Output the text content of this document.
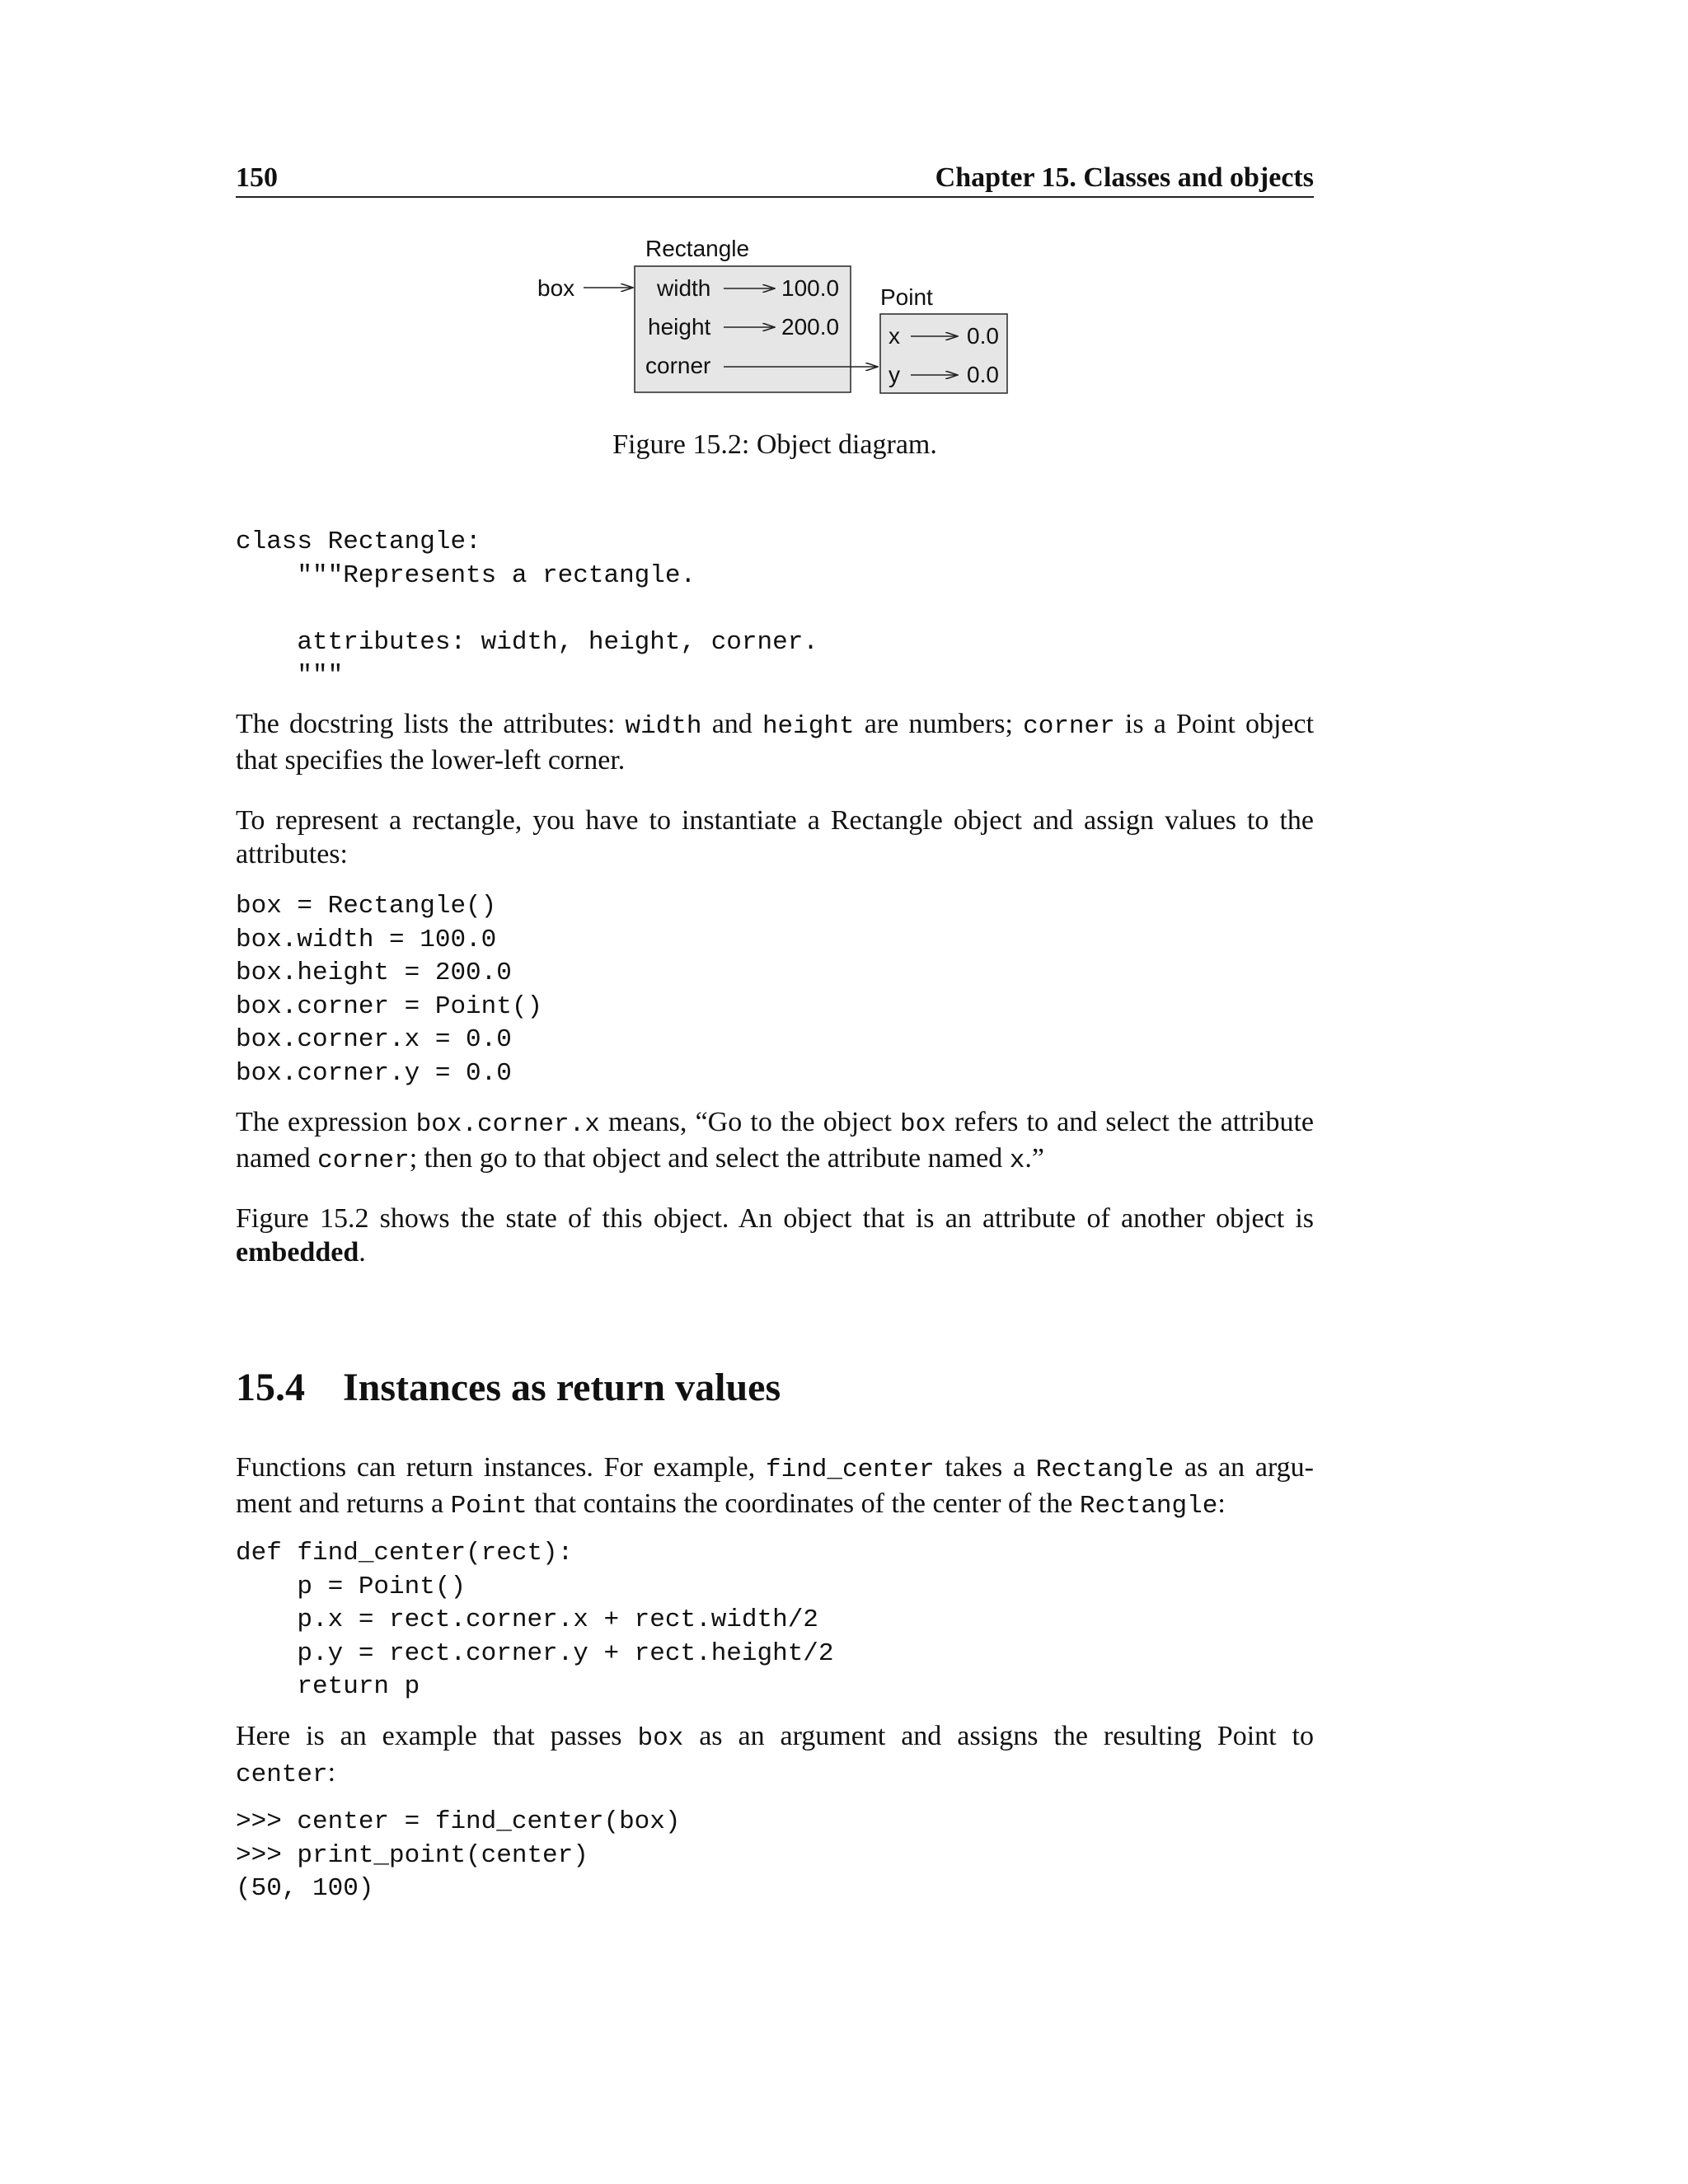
150	Chapter 15. Classes and objects
Rectangle
box	width	100.0
height	200.0
corner
Point
x	0.0
y	0.0
Figure 15.2: Object diagram.
class Rectangle:
"""Represents a rectangle.

attributes: width, height, corner.
"""
The docstring lists the attributes: width and height are numbers; corner is a Point object
that specifies the lower-left corner.
To represent a rectangle, you have to instantiate a Rectangle object and assign values to the
attributes:
box = Rectangle()
box.width = 100.0
box.height = 200.0
box.corner = Point()
box.corner.x = 0.0
box.corner.y = 0.0
The expression box.corner.x means, “Go to the object box refers to and select the attribute
named corner; then go to that object and select the attribute named x.”
Figure 15.2 shows the state of this object. An object that is an attribute of another object is
embedded.
15.4 Instances as return values
Functions can return instances. For example, find_center takes a Rectangle as an argu-
ment and returns a Point that contains the coordinates of the center of the Rectangle:
def find_center(rect):
p = Point()
p.x = rect.corner.x + rect.width/2
p.y = rect.corner.y + rect.height/2
return p
Here is an example that passes box as an argument and assigns the resulting Point to
center:
>>> center = find_center(box)
>>> print_point(center)
(50, 100)
